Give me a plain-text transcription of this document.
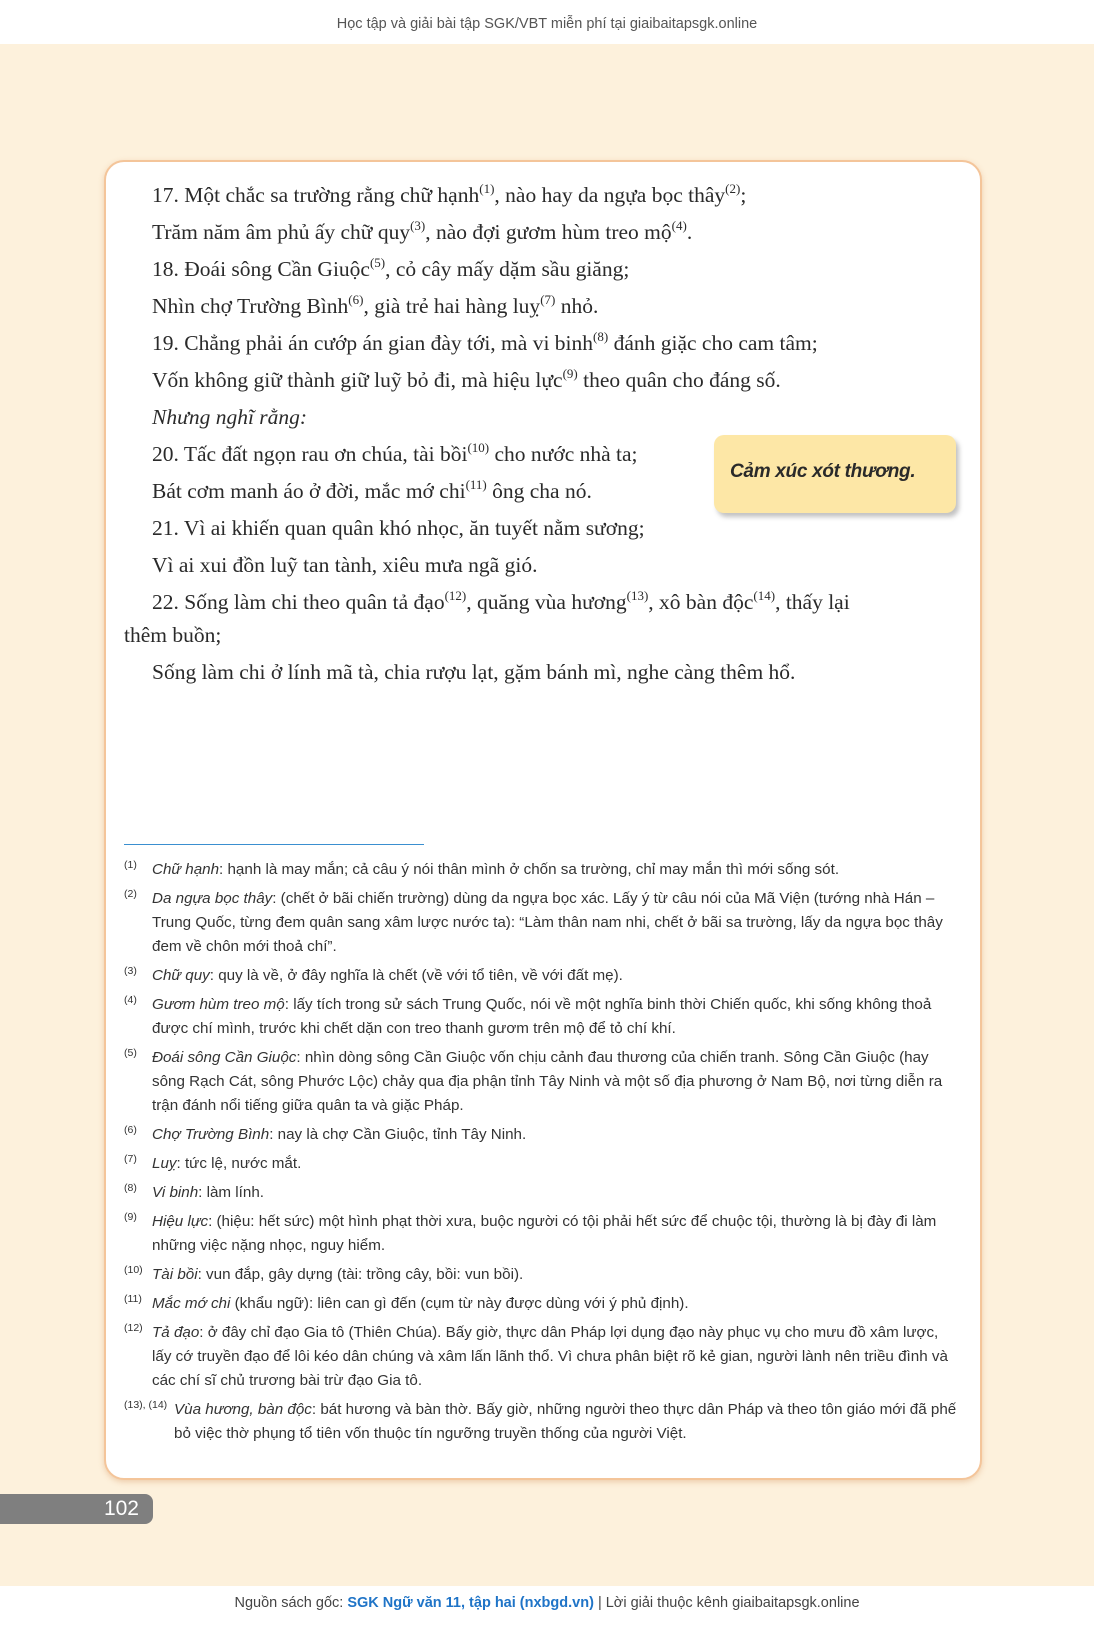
Học tập và giải bài tập SGK/VBT miễn phí tại giaibaitapsgk.online
17. Một chắc sa trường rằng chữ hạnh$^{(1)}$, nào hay da ngựa bọc thây$^{(2)}$;
Trăm năm âm phủ ấy chữ quy$^{(3)}$, nào đợi gươm hùm treo mộ$^{(4)}$.
18. Đoái sông Cần Giuộc$^{(5)}$, cỏ cây mấy dặm sầu giăng;
Nhìn chợ Trường Bình$^{(6)}$, già trẻ hai hàng luỵ$^{(7)}$ nhỏ.
19. Chẳng phải án cướp án gian đày tới, mà vi binh$^{(8)}$ đánh giặc cho cam tâm;
Vốn không giữ thành giữ luỹ bỏ đi, mà hiệu lực$^{(9)}$ theo quân cho đáng số.
Nhưng nghĩ rằng:
20. Tấc đất ngọn rau ơn chúa, tài bồi$^{(10)}$ cho nước nhà ta;
Bát cơm manh áo ở đời, mắc mớ chi$^{(11)}$ ông cha nó.
21. Vì ai khiến quan quân khó nhọc, ăn tuyết nằm sương;
Vì ai xui đồn luỹ tan tành, xiêu mưa ngã gió.
22. Sống làm chi theo quân tả đạo$^{(12)}$, quăng vùa hương$^{(13)}$, xô bàn độc$^{(14)}$, thấy lại
thêm buồn;
Sống làm chi ở lính mã tà, chia rượu lạt, gặm bánh mì, nghe càng thêm hổ.
Cảm xúc xót thương.
(1) Chữ hạnh: hạnh là may mắn; cả câu ý nói thân mình ở chốn sa trường, chỉ may mắn thì mới sống sót.
(2) Da ngựa bọc thây: (chết ở bãi chiến trường) dùng da ngựa bọc xác. Lấy ý từ câu nói của Mã Viện (tướng nhà Hán – Trung Quốc, từng đem quân sang xâm lược nước ta): “Làm thân nam nhi, chết ở bãi sa trường, lấy da ngựa bọc thây đem về chôn mới thoả chí”.
(3) Chữ quy: quy là về, ở đây nghĩa là chết (về với tổ tiên, về với đất mẹ).
(4) Gươm hùm treo mộ: lấy tích trong sử sách Trung Quốc, nói về một nghĩa binh thời Chiến quốc, khi sống không thoả được chí mình, trước khi chết dặn con treo thanh gươm trên mộ để tỏ chí khí.
(5) Đoái sông Cần Giuộc: nhìn dòng sông Cần Giuộc vốn chịu cảnh đau thương của chiến tranh. Sông Cần Giuộc (hay sông Rạch Cát, sông Phước Lộc) chảy qua địa phận tỉnh Tây Ninh và một số địa phương ở Nam Bộ, nơi từng diễn ra trận đánh nổi tiếng giữa quân ta và giặc Pháp.
(6) Chợ Trường Bình: nay là chợ Cần Giuộc, tỉnh Tây Ninh.
(7) Luỵ: tức lệ, nước mắt.
(8) Vi binh: làm lính.
(9) Hiệu lực: (hiệu: hết sức) một hình phạt thời xưa, buộc người có tội phải hết sức để chuộc tội, thường là bị đày đi làm những việc nặng nhọc, nguy hiểm.
(10) Tài bồi: vun đắp, gây dựng (tài: trồng cây, bồi: vun bồi).
(11) Mắc mớ chi (khẩu ngữ): liên can gì đến (cụm từ này được dùng với ý phủ định).
(12) Tả đạo: ở đây chỉ đạo Gia tô (Thiên Chúa). Bấy giờ, thực dân Pháp lợi dụng đạo này phục vụ cho mưu đồ xâm lược, lấy cớ truyền đạo để lôi kéo dân chúng và xâm lấn lãnh thổ. Vì chưa phân biệt rõ kẻ gian, người lành nên triều đình và các chí sĩ chủ trương bài trừ đạo Gia tô.
(13), (14) Vùa hương, bàn độc: bát hương và bàn thờ. Bấy giờ, những người theo thực dân Pháp và theo tôn giáo mới đã phế bỏ việc thờ phụng tổ tiên vốn thuộc tín ngưỡng truyền thống của người Việt.
102
Nguồn sách gốc: SGK Ngữ văn 11, tập hai (nxbgd.vn) | Lời giải thuộc kênh giaibaitapsgk.online
